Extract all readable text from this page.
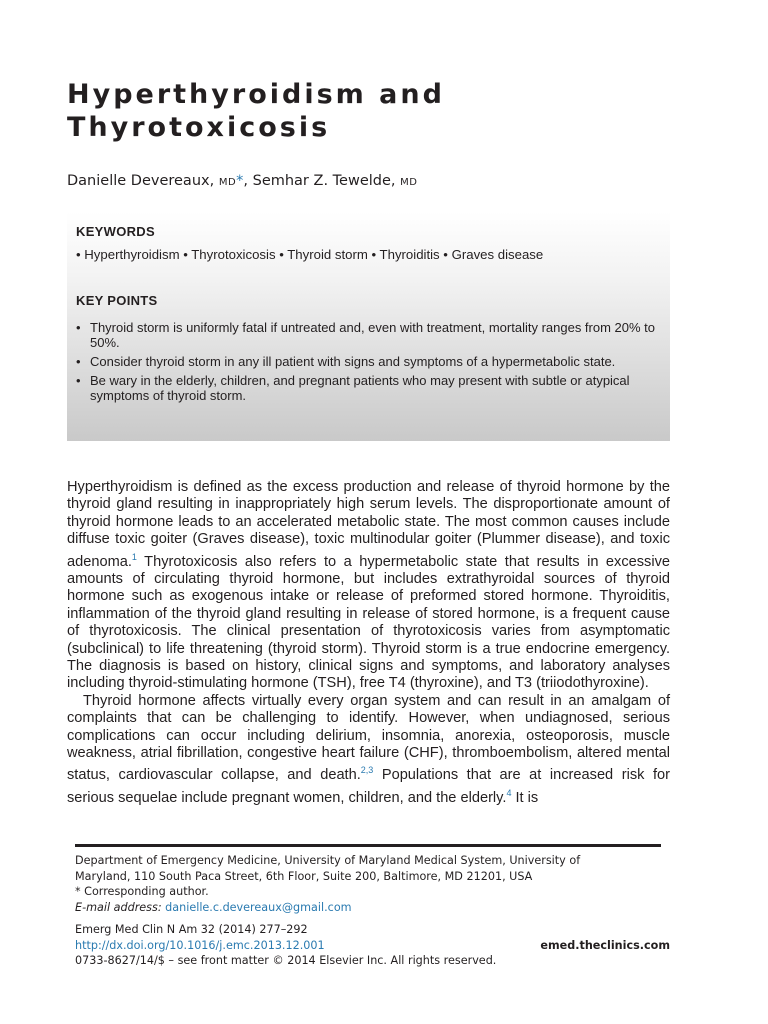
Hyperthyroidism and
Thyrotoxicosis
Danielle Devereaux, MD*, Semhar Z. Tewelde, MD
KEYWORDS
• Hyperthyroidism • Thyrotoxicosis • Thyroid storm • Thyroiditis • Graves disease
KEY POINTS
• Thyroid storm is uniformly fatal if untreated and, even with treatment, mortality ranges from 20% to 50%.
• Consider thyroid storm in any ill patient with signs and symptoms of a hypermetabolic state.
• Be wary in the elderly, children, and pregnant patients who may present with subtle or atypical symptoms of thyroid storm.

Hyperthyroidism is defined as the excess production and release of thyroid hormone by the thyroid gland resulting in inappropriately high serum levels. The disproportionate amount of thyroid hormone leads to an accelerated metabolic state. The most common causes include diffuse toxic goiter (Graves disease), toxic multinodular goiter (Plummer disease), and toxic adenoma.$^1$ Thyrotoxicosis also refers to a hypermetabolic state that results in excessive amounts of circulating thyroid hormone, but includes extrathyroidal sources of thyroid hormone such as exogenous intake or release of preformed stored hormone. Thyroiditis, inflammation of the thyroid gland resulting in release of stored hormone, is a frequent cause of thyrotoxicosis. The clinical presentation of thyrotoxicosis varies from asymptomatic (subclinical) to life threatening (thyroid storm). Thyroid storm is a true endocrine emergency. The diagnosis is based on history, clinical signs and symptoms, and laboratory analyses including thyroid-stimulating hormone (TSH), free T4 (thyroxine), and T3 (triiodothyroxine).

Thyroid hormone affects virtually every organ system and can result in an amalgam of complaints that can be challenging to identify. However, when undiagnosed, serious complications can occur including delirium, insomnia, anorexia, osteoporosis, muscle weakness, atrial fibrillation, congestive heart failure (CHF), thromboembolism, altered mental status, cardiovascular collapse, and death.$^{2,3}$ Populations that are at increased risk for serious sequelae include pregnant women, children, and the elderly.$^4$ It is

Department of Emergency Medicine, University of Maryland Medical System, University of
Maryland, 110 South Paca Street, 6th Floor, Suite 200, Baltimore, MD 21201, USA
* Corresponding author.
E-mail address: danielle.c.devereaux@gmail.com
Emerg Med Clin N Am 32 (2014) 277–292
http://dx.doi.org/10.1016/j.emc.2013.12.001
0733-8627/14/$ – see front matter © 2014 Elsevier Inc. All rights reserved.
emed.theclinics.com
